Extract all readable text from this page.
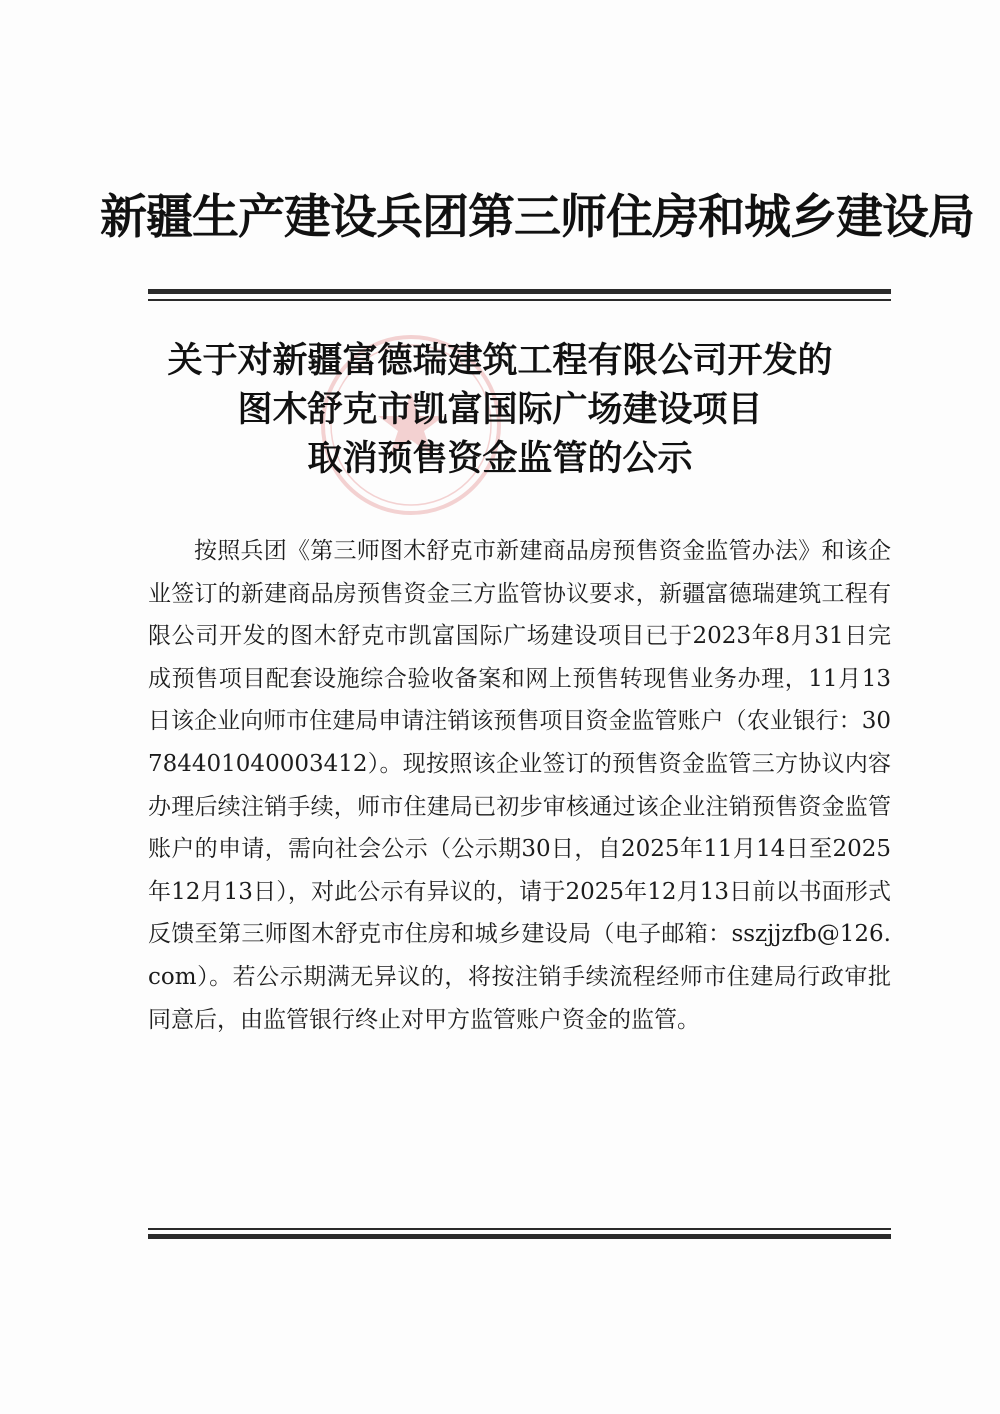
新疆生产建设兵团第三师住房和城乡建设局
关于对新疆富德瑞建筑工程有限公司开发的
图木舒克市凯富国际广场建设项目
取消预售资金监管的公示
按照兵团《第三师图木舒克市新建商品房预售资金监管办法》和该企业签订的新建商品房预售资金三方监管协议要求，新疆富德瑞建筑工程有限公司开发的图木舒克市凯富国际广场建设项目已于2023年8月31日完成预售项目配套设施综合验收备案和网上预售转现售业务办理，11月13日该企业向师市住建局申请注销该预售项目资金监管账户（农业银行：30784401040003412）。现按照该企业签订的预售资金监管三方协议内容办理后续注销手续，师市住建局已初步审核通过该企业注销预售资金监管账户的申请，需向社会公示（公示期30日，自2025年11月14日至2025年12月13日），对此公示有异议的，请于2025年12月13日前以书面形式反馈至第三师图木舒克市住房和城乡建设局（电子邮箱：sszjjzfb@126.com）。若公示期满无异议的，将按注销手续流程经师市住建局行政审批同意后，由监管银行终止对甲方监管账户资金的监管。
